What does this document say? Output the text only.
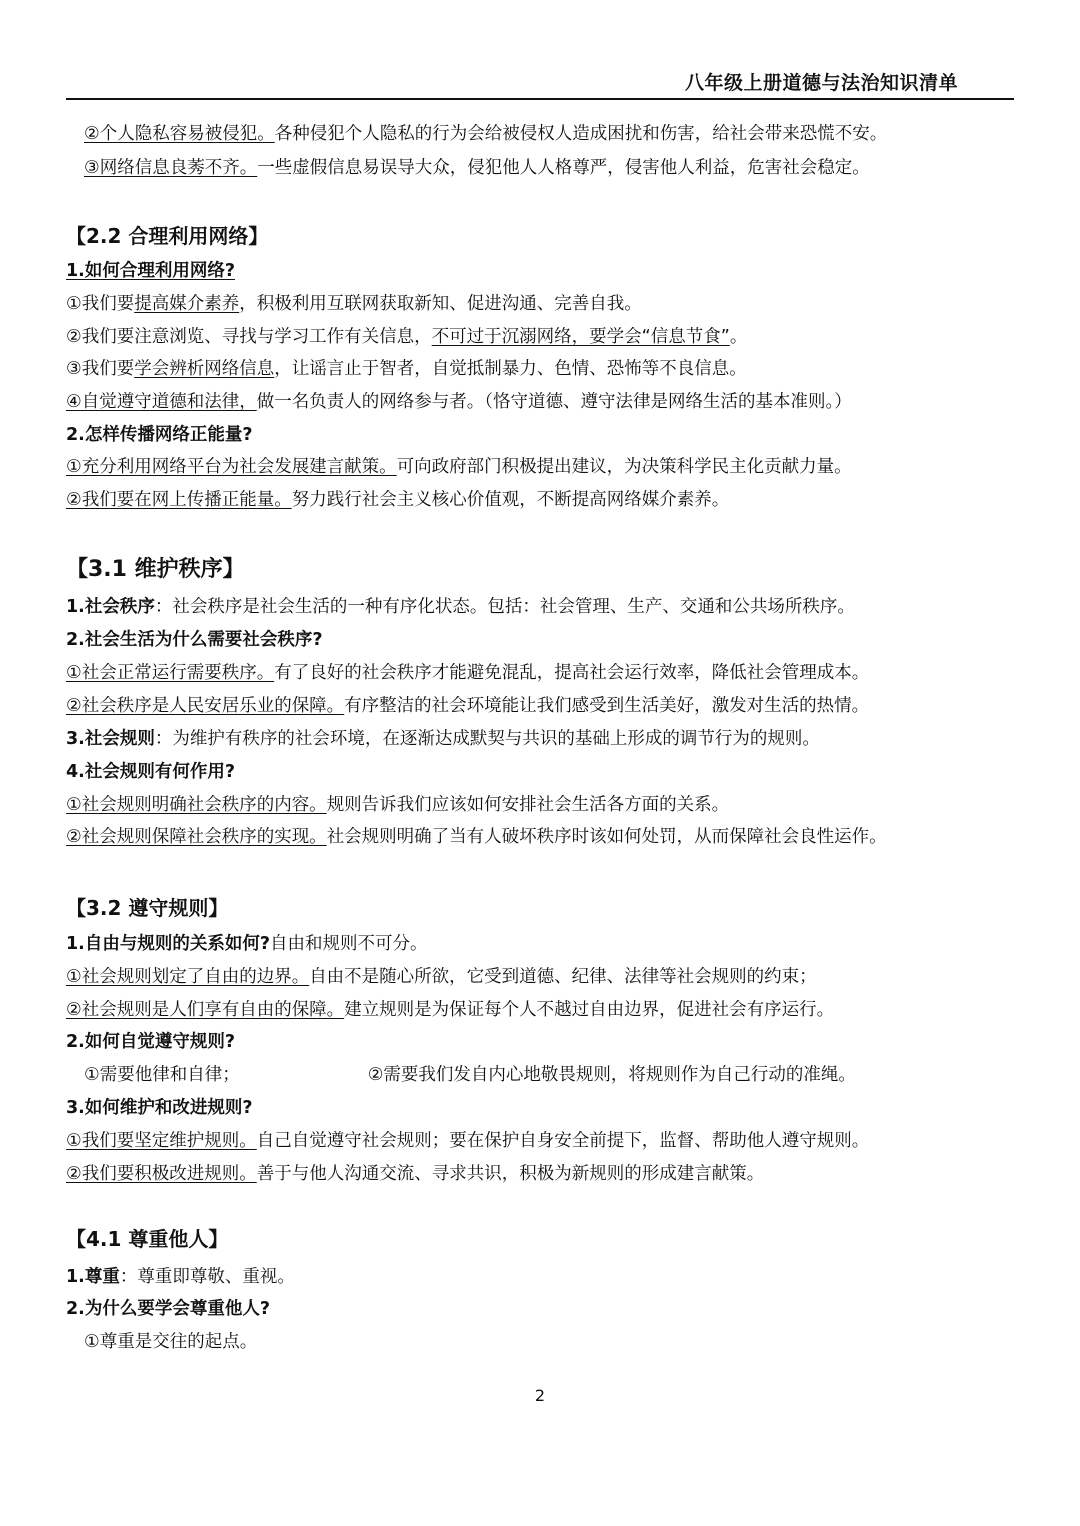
八年级上册道德与法治知识清单
②个人隐私容易被侵犯。各种侵犯个人隐私的行为会给被侵权人造成困扰和伤害，给社会带来恐慌不安。
③网络信息良莠不齐。一些虚假信息易误导大众，侵犯他人人格尊严，侵害他人利益，危害社会稳定。
【2.2 合理利用网络】
1.如何合理利用网络?
①我们要提高媒介素养，积极利用互联网获取新知、促进沟通、完善自我。
②我们要注意浏览、寻找与学习工作有关信息，不可过于沉溺网络，要学会“信息节食”。
③我们要学会辨析网络信息，让谣言止于智者，自觉抵制暴力、色情、恐怖等不良信息。
④自觉遵守道德和法律，做一名负责人的网络参与者。（恪守道德、遵守法律是网络生活的基本准则。）
2.怎样传播网络正能量?
①充分利用网络平台为社会发展建言献策。可向政府部门积极提出建议，为决策科学民主化贡献力量。
②我们要在网上传播正能量。努力践行社会主义核心价值观，不断提高网络媒介素养。
【3.1 维护秩序】
1.社会秩序：社会秩序是社会生活的一种有序化状态。包括：社会管理、生产、交通和公共场所秩序。
2.社会生活为什么需要社会秩序?
①社会正常运行需要秩序。有了良好的社会秩序才能避免混乱，提高社会运行效率，降低社会管理成本。
②社会秩序是人民安居乐业的保障。有序整洁的社会环境能让我们感受到生活美好，激发对生活的热情。
3.社会规则：为维护有秩序的社会环境，在逐渐达成默契与共识的基础上形成的调节行为的规则。
4.社会规则有何作用?
①社会规则明确社会秩序的内容。规则告诉我们应该如何安排社会生活各方面的关系。
②社会规则保障社会秩序的实现。社会规则明确了当有人破坏秩序时该如何处罚，从而保障社会良性运作。
【3.2 遵守规则】
1.自由与规则的关系如何?自由和规则不可分。
①社会规则划定了自由的边界。自由不是随心所欲，它受到道德、纪律、法律等社会规则的约束；
②社会规则是人们享有自由的保障。建立规则是为保证每个人不越过自由边界，促进社会有序运行。
2.如何自觉遵守规则?
①需要他律和自律；	②需要我们发自内心地敬畏规则，将规则作为自己行动的准绳。
3.如何维护和改进规则?
①我们要坚定维护规则。自己自觉遵守社会规则；要在保护自身安全前提下，监督、帮助他人遵守规则。
②我们要积极改进规则。善于与他人沟通交流、寻求共识，积极为新规则的形成建言献策。
【4.1 尊重他人】
1.尊重：尊重即尊敬、重视。
2.为什么要学会尊重他人?
①尊重是交往的起点。
2
